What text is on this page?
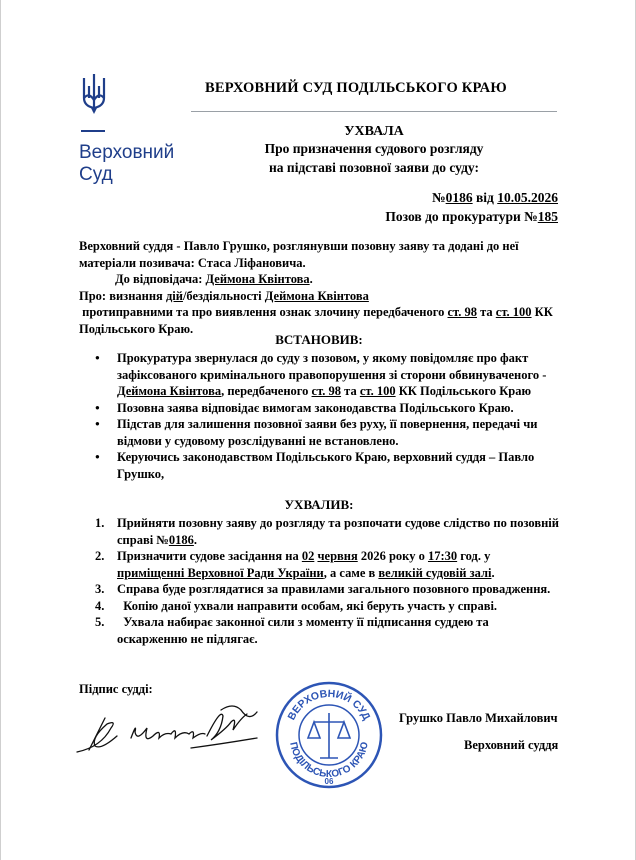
Верховний
Суд
ВЕРХОВНИЙ СУД ПОДІЛЬСЬКОГО КРАЮ
УХВАЛА
Про призначення судового розгляду
на підставі позовної заяви до суду:
№0186 від 10.05.2026
Позов до прокуратури №185
Верховний суддя - Павло Грушко, розглянувши позовну заяву та додані до неї матеріали позивача: Стаса Ліфановича.
До відповідача: Деймона Квінтова.
Про: визнання дій/бездіяльності Деймона Квінтова протиправними та про виявлення ознак злочину передбаченого ст. 98 та ст. 100 КК Подільського Краю.
ВСТАНОВИВ:
● Прокуратура звернулася до суду з позовом, у якому повідомляє про факт зафіксованого кримінального правопорушення зі сторони обвинуваченого - Деймона Квінтова, передбаченого ст. 98 та ст. 100 КК Подільського Краю
● Позовна заява відповідає вимогам законодавства Подільського Краю.
● Підстав для залишення позовної заяви без руху, її повернення, передачі чи відмови у судовому розслідуванні не встановлено.
● Керуючись законодавством Подільського Краю, верховний суддя – Павло Грушко,
УХВАЛИВ:
1. Прийняти позовну заяву до розгляду та розпочати судове слідство по позовній справі №0186.
2. Призначити судове засідання на 02 червня 2026 року о 17:30 год. у приміщенні Верховної Ради України, а саме в великій судовій залі.
3. Справа буде розглядатися за правилами загального позовного провадження.
4. Копію даної ухвали направити особам, які беруть участь у справі.
5. Ухвала набирає законної сили з моменту її підписання суддею та оскарженню не підлягає.
Підпис судді:
ВЕРХОВНИЙ СУД
ПОДІЛЬСЬКОГО КРАЮ
06
Грушко Павло Михайлович
Верховний суддя
